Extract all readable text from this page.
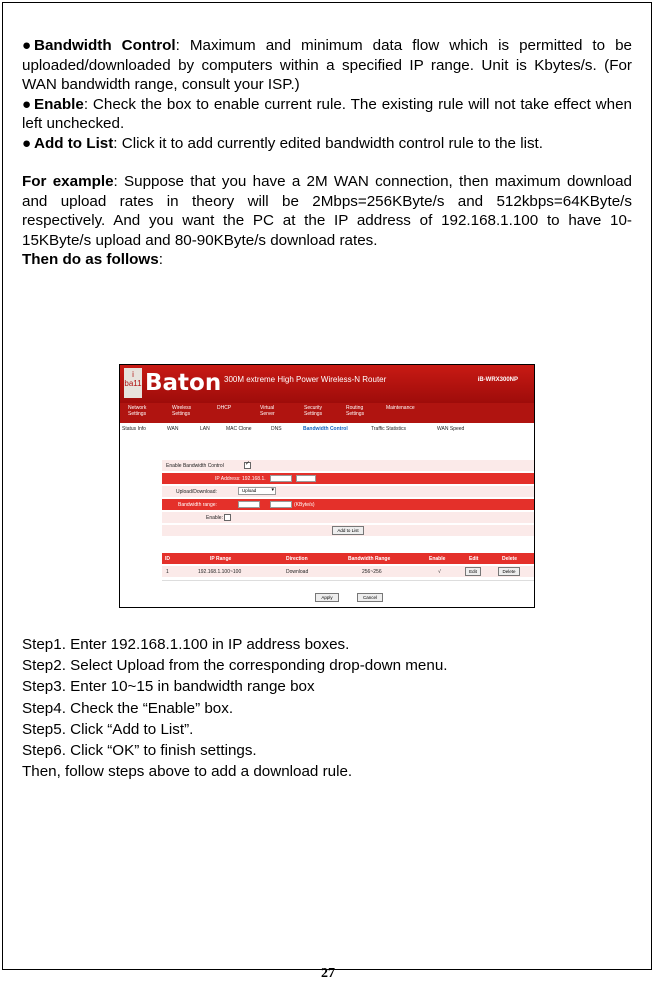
● Bandwidth Control: Maximum and minimum data flow which is permitted to be uploaded/downloaded by computers within a specified IP range. Unit is Kbytes/s. (For WAN bandwidth range, consult your ISP.)

● Enable: Check the box to enable current rule. The existing rule will not take effect when left unchecked.

● Add to List: Click it to add currently edited bandwidth control rule to the list.

For example: Suppose that you have a 2M WAN connection, then maximum download and upload rates in theory will be 2Mbps=256KByte/s and 512kbps=64KByte/s respectively. And you want the PC at the IP address of 192.168.1.100 to have 10-15KByte/s upload and 80-90KByte/s download rates.

Then do as follows:

i ba11 Baton 300M extreme High Power Wireless-N Router	iB-WRX300NP
Network Settings
Wireless Settings
DHCP	Virtual Server
Security Settings
Routing Settings
Maintenance
Status Info	WAN	LAN	MAC Clone	DNS	Bandwidth Control	Traffic Statistics	WAN Speed
Enable Bandwidth Control	✓
IP Address: 192.168.1.
Upload/Download:	Upload	▾
Bandwidth range:	(KByte/s)
Enable:
Add to List
ID	IP Range	Direction	Bandwidth Range	Enable	Edit	Delete
1	192.168.1.100~100	Download	256~256	√	Edit	Delete
Apply	Cancel
Step1. Enter 192.168.1.100 in IP address boxes.
Step2. Select Upload from the corresponding drop-down menu.
Step3. Enter 10~15 in bandwidth range box
Step4. Check the “Enable” box.
Step5. Click “Add to List”.
Step6. Click “OK” to finish settings.
Then, follow steps above to add a download rule.
27
